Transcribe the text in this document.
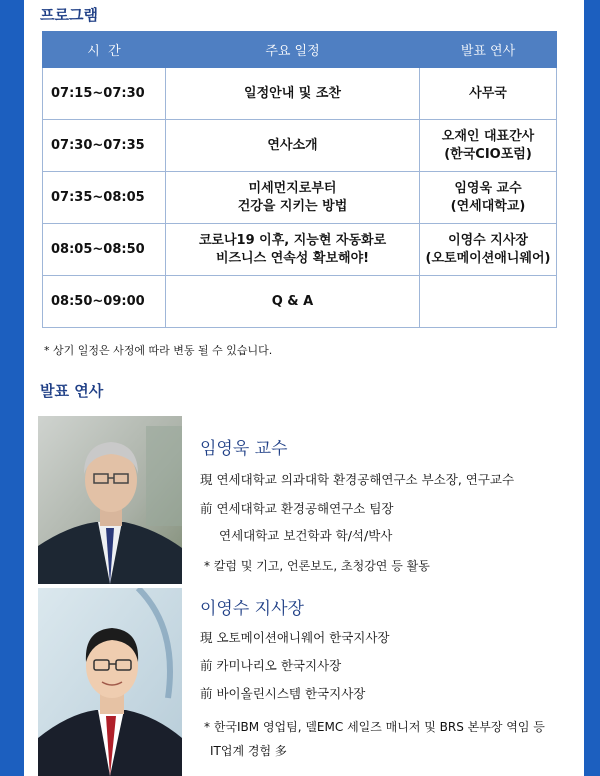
프로그램
시  간	주요 일정	발표 연사
07:15~07:30	일정안내 및 조찬	사무국
07:30~07:35	연사소개	오재인 대표간사
(한국CIO포럼)
07:35~08:05	미세먼지로부터
건강을 지키는 방법	임영욱 교수
(연세대학교)
08:05~08:50	코로나19 이후, 지능현 자동화로
비즈니스 연속성 확보해야!	이영수 지사장
(오토메이션애니웨어)
08:50~09:00	Q & A	
* 상기 일정은 사정에 따라 변동 될 수 있습니다.
발표 연사
임영욱 교수
現 연세대학교 의과대학 환경공해연구소 부소장, 연구교수
前 연세대학교 환경공해연구소 팀장
연세대학교 보건학과 학/석/박사
* 칼럼 및 기고, 언론보도, 초청강연 등 활동
이영수 지사장
現 오토메이션애니웨어 한국지사장
前 카미나리오 한국지사장
前 바이올린시스템 한국지사장
* 한국IBM 영업팀, 델EMC 세일즈 매니저 및 BRS 본부장 역임 등
IT업계 경험 多
